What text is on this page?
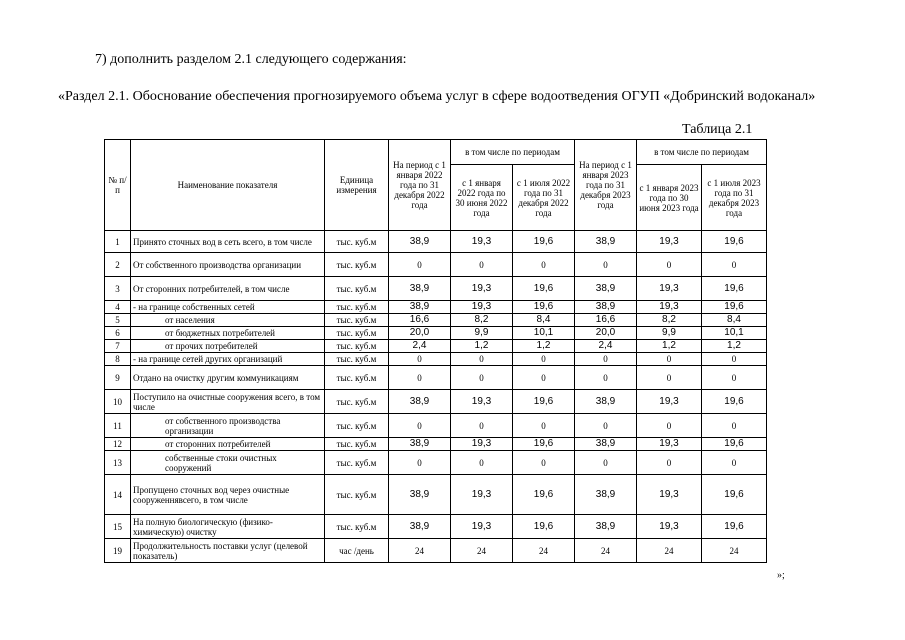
7) дополнить разделом 2.1 следующего содержания:
«Раздел 2.1. Обоснование обеспечения прогнозируемого объема услуг в сфере водоотведения ОГУП «Добринский водоканал»
Таблица 2.1
№ п/п	Наименование показателя	Единица измерения	На период с 1 января 2022 года по 31 декабря 2022 года	в том числе по периодам		На период с 1 января 2023 года по 31 декабря 2023 года	в том числе по периодам	
				с 1 января 2022 года по 30 июня 2022 года	с 1 июля 2022 года по 31 декабря 2022 года		с 1 января 2023 года по 30 июня 2023 года	с 1 июля 2023 года по 31 декабря 2023 года
1	Принято сточных вод в сеть всего, в том числе	тыс. куб.м	38,9	19,3	19,6	38,9	19,3	19,6
2	От собственного производства организации	тыс. куб.м	0	0	0	0	0	0
3	От сторонних потребителей, в том числе	тыс. куб.м	38,9	19,3	19,6	38,9	19,3	19,6
4	- на границе собственных сетей	тыс. куб.м	38,9	19,3	19,6	38,9	19,3	19,6
5	от населения	тыс. куб.м	16,6	8,2	8,4	16,6	8,2	8,4
6	от бюджетных потребителей	тыс. куб.м	20,0	9,9	10,1	20,0	9,9	10,1
7	от прочих потребителей	тыс. куб.м	2,4	1,2	1,2	2,4	1,2	1,2
8	- на границе сетей других организаций	тыс. куб.м	0	0	0	0	0	0
9	Отдано на очистку другим коммуникациям	тыс. куб.м	0	0	0	0	0	0
10	Поступило на очистные сооружения всего, в том числе	тыс. куб.м	38,9	19,3	19,6	38,9	19,3	19,6
11	от собственного производства организации	тыс. куб.м	0	0	0	0	0	0
12	от сторонних потребителей	тыс. куб.м	38,9	19,3	19,6	38,9	19,3	19,6
13	собственные стоки очистных сооружений	тыс. куб.м	0	0	0	0	0	0
14	Пропущено сточных вод через очистные сооруженнявсего, в том числе	тыс. куб.м	38,9	19,3	19,6	38,9	19,3	19,6
15	На полную биологическую (физико-химическую) очистку	тыс. куб.м	38,9	19,3	19,6	38,9	19,3	19,6
19	Продолжительность поставки услуг (целевой показатель)	час /день	24	24	24	24	24	24
»;
